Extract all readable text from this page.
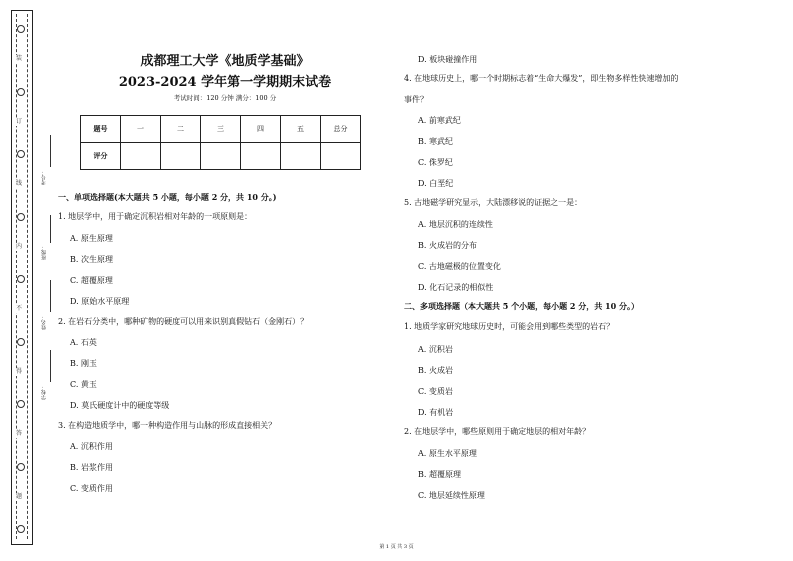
装
订
线
内
不
得
答
题
考号：
班级：
姓名：
学校：
成都理工大学《地质学基础》
2023-2024 学年第一学期期末试卷
考试时间：120 分钟 满分：100 分
题号	一	二	三	四	五	总分
评分						
一、单项选择题(本大题共 5 小题，每小题 2 分，共 10 分。)
1. 地层学中，用于确定沉积岩相对年龄的一项原则是：
A. 原生原理
B. 次生原理
C. 超覆原理
D. 原始水平原理
2. 在岩石分类中，哪种矿物的硬度可以用来识别真假钻石（金刚石）？
A. 石英
B. 刚玉
C. 黄玉
D. 莫氏硬度计中的硬度等级
3. 在构造地质学中，哪一种构造作用与山脉的形成直接相关？
A. 沉积作用
B. 岩浆作用
C. 变质作用
D. 板块碰撞作用
4. 在地球历史上，哪一个时期标志着“生命大爆发”，即生物多样性快速增加的
事件？
A. 前寒武纪
B. 寒武纪
C. 侏罗纪
D. 白垩纪
5. 古地磁学研究显示，大陆漂移说的证据之一是：
A. 地层沉积的连续性
B. 火成岩的分布
C. 古地磁极的位置变化
D. 化石记录的相似性
二、多项选择题（本大题共 5 个小题，每小题 2 分，共 10 分。）
1. 地质学家研究地球历史时，可能会用到哪些类型的岩石？
A. 沉积岩
B. 火成岩
C. 变质岩
D. 有机岩
2. 在地层学中，哪些原则用于确定地层的相对年龄？
A. 原生水平原理
B. 超覆原理
C. 地层延续性原理
第 1 页 共 3 页
